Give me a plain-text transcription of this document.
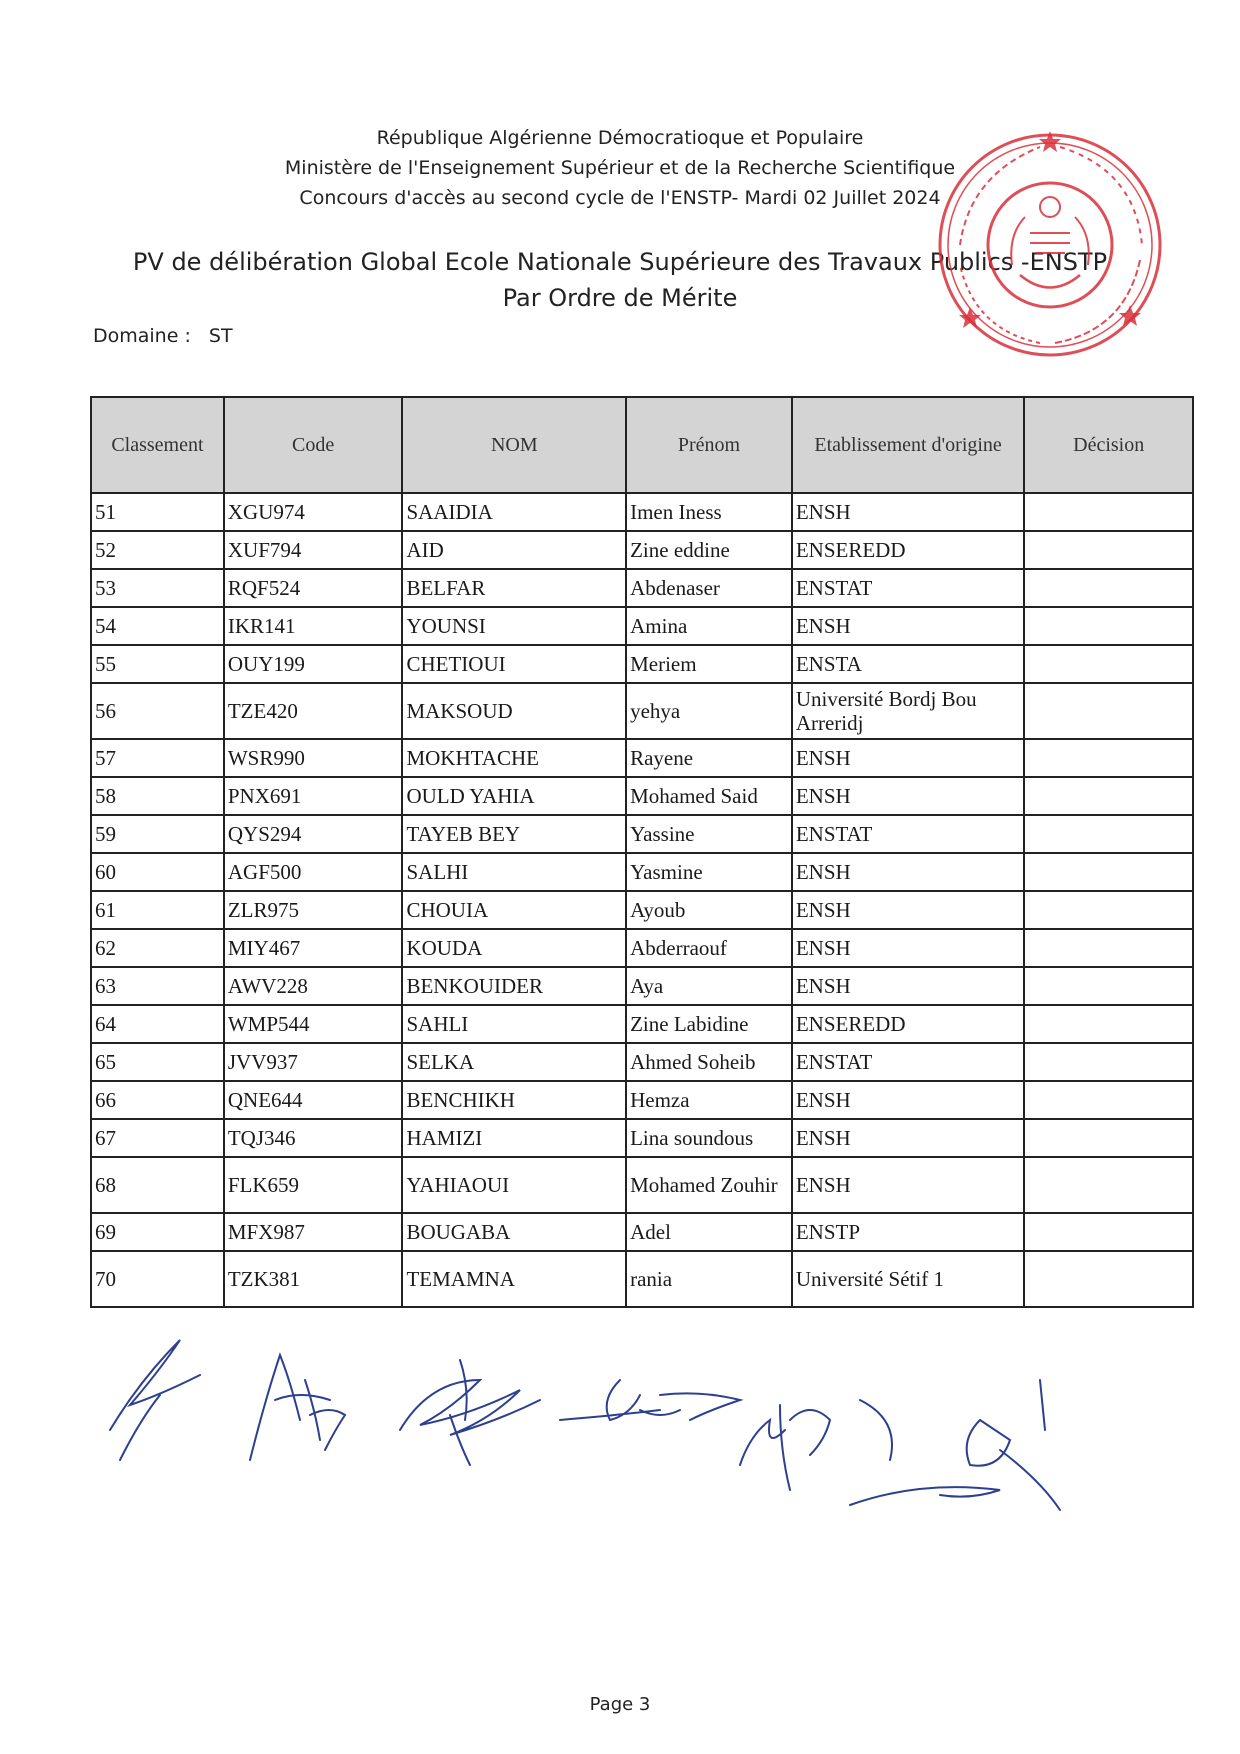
République Algérienne Démocratioque et Populaire
Ministère de l'Enseignement Supérieur et de la Recherche Scientifique
Concours d'accès au second cycle de l'ENSTP- Mardi 02 Juillet 2024
PV de délibération Global Ecole Nationale Supérieure des Travaux Publics -ENSTP
Par Ordre de Mérite
Domaine : ST
Classement	Code	NOM	Prénom	Etablissement d'origine	Décision
51	XGU974	SAAIDIA	Imen Iness	ENSH	
52	XUF794	AID	Zine eddine	ENSEREDD	
53	RQF524	BELFAR	Abdenaser	ENSTAT	
54	IKR141	YOUNSI	Amina	ENSH	
55	OUY199	CHETIOUI	Meriem	ENSTA	
56	TZE420	MAKSOUD	yehya	Université Bordj Bou Arreridj	
57	WSR990	MOKHTACHE	Rayene	ENSH	
58	PNX691	OULD YAHIA	Mohamed Said	ENSH	
59	QYS294	TAYEB BEY	Yassine	ENSTAT	
60	AGF500	SALHI	Yasmine	ENSH	
61	ZLR975	CHOUIA	Ayoub	ENSH	
62	MIY467	KOUDA	Abderraouf	ENSH	
63	AWV228	BENKOUIDER	Aya	ENSH	
64	WMP544	SAHLI	Zine Labidine	ENSEREDD	
65	JVV937	SELKA	Ahmed Soheib	ENSTAT	
66	QNE644	BENCHIKH	Hemza	ENSH	
67	TQJ346	HAMIZI	Lina soundous	ENSH	
68	FLK659	YAHIAOUI	Mohamed Zouhir	ENSH	
69	MFX987	BOUGABA	Adel	ENSTP	
70	TZK381	TEMAMNA	rania	Université Sétif 1	
Page 3
